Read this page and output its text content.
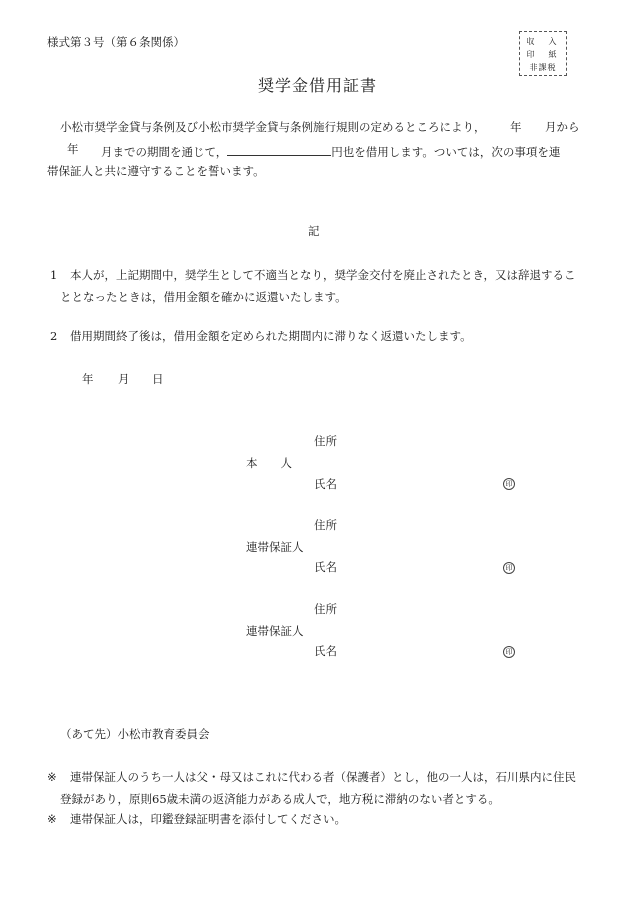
様式第３号（第６条関係）	収　入
印　紙
非課税
奨学金借用証書
小松市奨学金貸与条例及び小松市奨学金貸与条例施行規則の定めるところにより， 年 月から
年 月までの期間を通じて，	円也を借用します。ついては，次の事項を連
帯保証人と共に遵守することを誓います。
記
1 本人が，上記期間中，奨学生として不適当となり，奨学金交付を廃止されたとき，又は辞退するこ
ととなったときは，借用金額を確かに返還いたします。
2 借用期間終了後は，借用金額を定められた期間内に滞りなく返還いたします。
年 月 日
住所
本　　人
氏名	印
住所
連帯保証人
氏名	印
住所
連帯保証人
氏名	印
（あて先）小松市教育委員会
※ 連帯保証人のうち一人は父・母又はこれに代わる者（保護者）とし，他の一人は，石川県内に住民
登録があり，原則65歳未満の返済能力がある成人で，地方税に滞納のない者とする。
※ 連帯保証人は，印鑑登録証明書を添付してください。
